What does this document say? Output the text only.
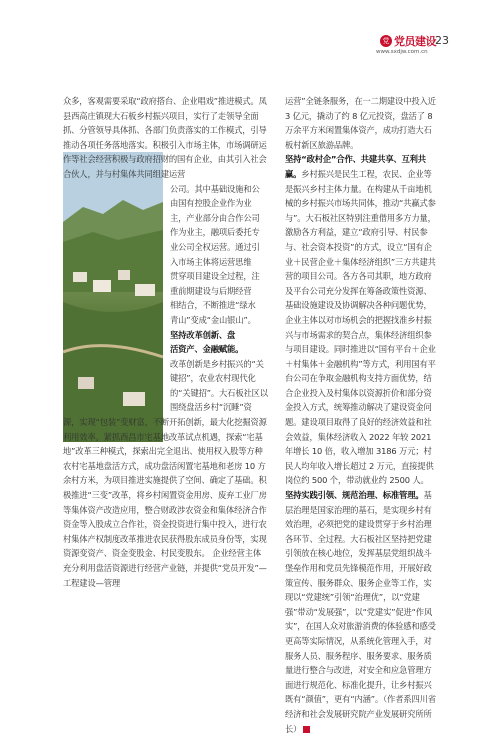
党 党员建设
www.sxdjw.com.cn
23

众多，客观需要采取“政府搭台、企业唱戏”推进模式。凤县西高庄镇现大石板乡村振兴项目，实行了走领导全面抓、分管领导具体抓、各部门负责落实的工作模式，引导推动各项任务落地落实。积极引入市场主体，市场调研运作等社会经营积极与政府招财的国有企业，由其引入社会合伙人，并与村集体共同组建运营

公司。其中基础设施和公

由国有控股企业作为业

主，产业部分由合作公司

作为业主，融项后委托专

业公司全权运营。通过引

入市场主体将运营思维

贯穿项目建设全过程，注

重前期建设与后期经营

相结合，不断推进“绿水

青山”变成“金山银山”。

坚持改革创新、盘

活资产、金融赋能。

改革创新是乡村振兴的“关键招”，农业农村现代化的“关键招”。大石板社区以围绕盘活乡村“沉睡”资

源，实现“包装”变财富，不断开拓创新，最大化挖掘资源利用效率。紧抓西昌市宅基地改革试点机遇，探索“宅基地”改革三种模式，探索出完全退出、使用权入股等方种农村宅基地盘活方式，成功盘活闲置宅基地和老房 10 方余村方米，为项目推进实施提供了空间、确定了基础。积极推进“三变”改革，将乡村闲置资金用房、废弃工业厂房等集体资产改造应用，整合财政涉农资金和集体经济合作资金等入股成立合作社，资金投资进行集中投入，进行农村集体产权制度改革推进农民获得股东成员身份等，实现资源变资产、资金变股金、村民变股东。 企业经营主体充分利用盘活资源进行经营产业链，并提供“党员开发”—工程建设—管理

运营”全链条服务，在一二期建设中投入近 3 亿元，撬动了约 8 亿元投资，盘活了 8 万余平方米闲置集体资产，成功打造大石板村新区旅游品牌。

坚持“政村企”合作、共建共享、互利共赢。乡村振兴是民生工程，农民、企业等是振兴乡村主体力量。在构建从千亩地机械的乡村振兴市场共同体，推动“共赢式参与”。大石板社区特别注重借用多方力量，激励各方利益，建立“政府引导、村民参与、社会资本投资”的方式，设立“国有企业＋民营企业＋集体经济组织”三方共建共营的项目公司。各方各司其职，地方政府及平台公司充分发挥在筹备政策性资源、基础设施建设及协调解决各种问题优势，企业主体以对市场机会的把握找准乡村振兴与市场需求的契合点，集体经济组织参与项目建设。同时推进以“国有平台＋企业＋村集体＋金融机构”等方式，利用国有平台公司在争取金融机构支持方面优势，结合企业投入及村集体以资源折价和部分资金投入方式，统筹推动解决了建设资金问题。建设项目取得了良好的经济效益和社会效益，集体经济收入 2022 年较 2021 年增长 10 倍，收入增加 3186 万元；村民人均年收入增长超过 2 万元，直接提供岗位约 500 个，带动就业约 2500 人。

坚持实践引领、规范治理、标准管理。基层治理是国家治理的基石，是实现乡村有效治理，必须把党的建设贯穿于乡村治理各环节、全过程。大石板社区坚持把党建引领放在核心地位，发挥基层党组织战斗堡垒作用和党员先锋模范作用，开展好政策宣传、服务群众、服务企业等工作，实现以“党建统”引领“治理优”，以“党建强”带动“发展强”，以“党建实”促进“作风实”，在国人众对旅游消费的体验感和感受更高等实际情况，从系统化管理入手，对服务人员、服务程序、服务要求、服务质量进行整合与改进，对安全和应急管理方面进行规范化、标准化提升，让乡村振兴既有“颜值”，更有“内涵”。（作者系四川省经济和社会发展研究院产业发展研究所所长）
